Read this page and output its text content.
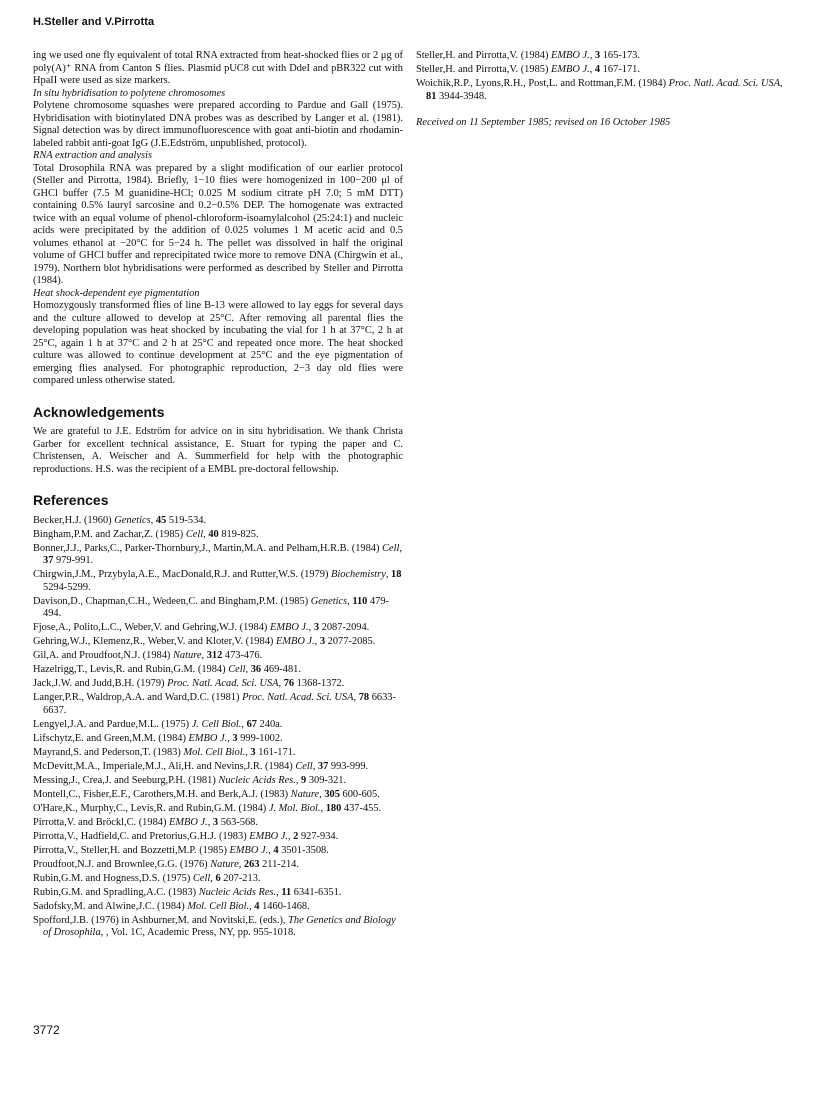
H.Steller and V.Pirrotta

ing we used one fly equivalent of total RNA extracted from heat-shocked flies or 2 μg of poly(A)⁺ RNA from Canton S flies. Plasmid pUC8 cut with DdeI and pBR322 cut with HpaII were used as size markers.

In situ hybridisation to polytene chromosomes

Polytene chromosome squashes were prepared according to Pardue and Gall (1975). Hybridisation with biotinylated DNA probes was as described by Langer et al. (1981). Signal detection was by direct immunofluorescence with goat anti-biotin and rhodamin-labeled rabbit anti-goat IgG (J.E.Edström, unpublished, protocol).

RNA extraction and analysis

Total Drosophila RNA was prepared by a slight modification of our earlier protocol (Steller and Pirrotta, 1984). Briefly, 1−10 flies were homogenized in 100−200 μl of GHCl buffer (7.5 M guanidine-HCl; 0.025 M sodium citrate pH 7.0; 5 mM DTT) containing 0.5% lauryl sarcosine and 0.2−0.5% DEP. The homogenate was extracted twice with an equal volume of phenol-chloroform-isoamylalcohol (25:24:1) and nucleic acids were precipitated by the addition of 0.025 volumes 1 M acetic acid and 0.5 volumes ethanol at −20°C for 5−24 h. The pellet was dissolved in half the original volume of GHCl buffer and reprecipitated twice more to remove DNA (Chirgwin et al., 1979). Northern blot hybridisations were performed as described by Steller and Pirrotta (1984).

Heat shock-dependent eye pigmentation

Homozygously transformed flies of line B-13 were allowed to lay eggs for several days and the culture allowed to develop at 25°C. After removing all parental flies the developing population was heat shocked by incubating the vial for 1 h at 37°C, 2 h at 25°C, again 1 h at 37°C and 2 h at 25°C and repeated once more. The heat shocked culture was allowed to continue development at 25°C and the eye pigmentation of emerging flies analysed. For photographic reproduction, 2−3 day old flies were compared unless otherwise stated.

Acknowledgements

We are grateful to J.E. Edström for advice on in situ hybridisation. We thank Christa Garber for excellent technical assistance, E. Stuart for typing the paper and C. Christensen, A. Weischer and A. Summerfield for help with the photographic reproductions. H.S. was the recipient of a EMBL pre-doctoral fellowship.

References

Becker,H.J. (1960) Genetics, 45 519-534.

Bingham,P.M. and Zachar,Z. (1985) Cell, 40 819-825.

Bonner,J.J., Parks,C., Parker-Thornbury,J., Martin,M.A. and Pelham,H.R.B. (1984) Cell, 37 979-991.

Chirgwin,J.M., Przybyla,A.E., MacDonald,R.J. and Rutter,W.S. (1979) Biochemistry, 18 5294-5299.

Davison,D., Chapman,C.H., Wedeen,C. and Bingham,P.M. (1985) Genetics, 110 479-494.

Fjose,A., Polito,L.C., Weber,V. and Gehring,W.J. (1984) EMBO J., 3 2087-2094.

Gehring,W.J., Klemenz,R., Weber,V. and Kloter,V. (1984) EMBO J., 3 2077-2085.

Gil,A. and Proudfoot,N.J. (1984) Nature, 312 473-476.

Hazelrigg,T., Levis,R. and Rubin,G.M. (1984) Cell, 36 469-481.

Jack,J.W. and Judd,B.H. (1979) Proc. Natl. Acad. Sci. USA, 76 1368-1372.

Langer,P.R., Waldrop,A.A. and Ward,D.C. (1981) Proc. Natl. Acad. Sci. USA, 78 6633-6637.

Lengyel,J.A. and Pardue,M.L. (1975) J. Cell Biol., 67 240a.

Lifschytz,E. and Green,M.M. (1984) EMBO J., 3 999-1002.

Mayrand,S. and Pederson,T. (1983) Mol. Cell Biol., 3 161-171.

McDevitt,M.A., Imperiale,M.J., Ali,H. and Nevins,J.R. (1984) Cell, 37 993-999.

Messing,J., Crea,J. and Seeburg,P.H. (1981) Nucleic Acids Res., 9 309-321.

Montell,C., Fisher,E.F., Carothers,M.H. and Berk,A.J. (1983) Nature, 305 600-605.

O'Hare,K., Murphy,C., Levis,R. and Rubin,G.M. (1984) J. Mol. Biol., 180 437-455.

Pirrotta,V. and Bröckl,C. (1984) EMBO J., 3 563-568.

Pirrotta,V., Hadfield,C. and Pretorius,G.H.J. (1983) EMBO J., 2 927-934.

Pirrotta,V., Steller,H. and Bozzetti,M.P. (1985) EMBO J., 4 3501-3508.

Proudfoot,N.J. and Brownlee,G.G. (1976) Nature, 263 211-214.

Rubin,G.M. and Hogness,D.S. (1975) Cell, 6 207-213.

Rubin,G.M. and Spradling,A.C. (1983) Nucleic Acids Res., 11 6341-6351.

Sadofsky,M. and Alwine,J.C. (1984) Mol. Cell Biol., 4 1460-1468.

Spofford,J.B. (1976) in Ashburner,M. and Novitski,E. (eds.), The Genetics and Biology of Drosophila, , Vol. 1C, Academic Press, NY, pp. 955-1018.

Steller,H. and Pirrotta,V. (1984) EMBO J., 3 165-173.

Steller,H. and Pirrotta,V. (1985) EMBO J., 4 167-171.

Woichik,R.P., Lyons,R.H., Post,L. and Rottman,F.M. (1984) Proc. Natl. Acad. Sci. USA, 81 3944-3948.

Received on 11 September 1985; revised on 16 October 1985

3772
